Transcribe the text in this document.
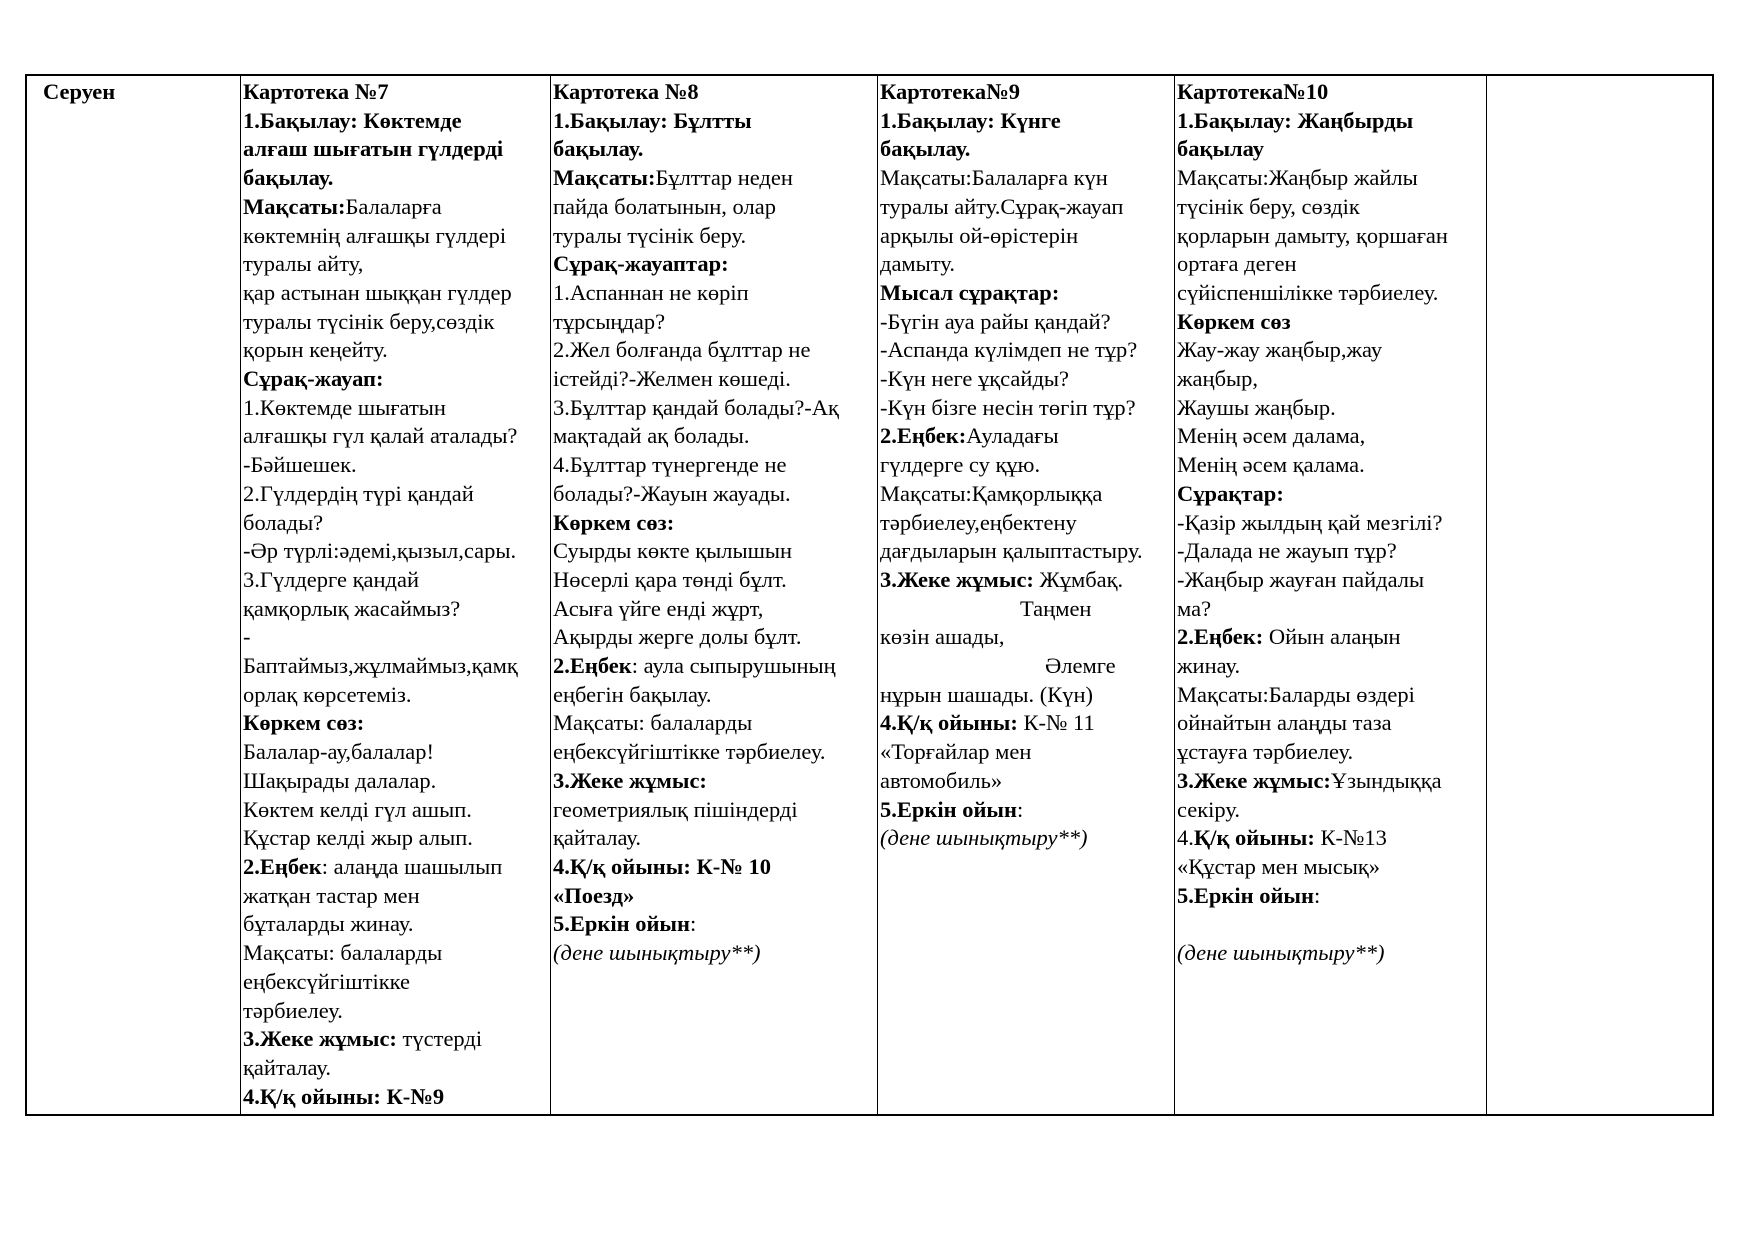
Серуен	Картотека №7
1.Бақылау: Көктемде
алғаш шығатын гүлдерді
бақылау.
Мақсаты:Балаларға
көктемнің алғашқы гүлдері
туралы айту,
қар астынан шыққан гүлдер
туралы түсінік беру,сөздік
қорын кеңейту.
Сұрақ-жауап:
1.Көктемде шығатын
алғашқы гүл қалай аталады?
-Бәйшешек.
2.Гүлдердің түрі қандай
болады?
-Әр түрлі:әдемі,қызыл,сары.
3.Гүлдерге қандай
қамқорлық жасаймыз?
-
Баптаймыз,жұлмаймыз,қамқ
орлақ көрсетеміз.
Көркем сөз:
Балалар-ау,балалар!
Шақырады далалар.
Көктем келді гүл ашып.
Құстар келді жыр алып.
2.Еңбек: алаңда шашылып
жатқан тастар мен
бұталарды жинау.
Мақсаты: балаларды
еңбексүйгіштікке
тәрбиелеу.
3.Жеке жұмыс: түстерді
қайталау.
4.Қ/қ ойыны: К-№9
Картотека №8
1.Бақылау: Бұлтты
бақылау.
Мақсаты:Бұлттар неден
пайда болатынын, олар
туралы түсінік беру.
Сұрақ-жауаптар:
1.Аспаннан не көріп
тұрсыңдар?
2.Жел болғанда бұлттар не
істейді?-Желмен көшеді.
3.Бұлттар қандай болады?-Ақ
мақтадай ақ болады.
4.Бұлттар түнергенде не
болады?-Жауын жауады.
Көркем сөз:
Суырды көкте қылышын
Нөсерлі қара төнді бұлт.
Асыға үйге енді жұрт,
Ақырды жерге долы бұлт.
2.Еңбек: аула сыпырушының
еңбегін бақылау.
Мақсаты: балаларды
еңбексүйгіштікке тәрбиелеу.
3.Жеке жұмыс:
геометриялық пішіндерді
қайталау.
4.Қ/қ ойыны: К-№ 10
«Поезд»
5.Еркін ойын:
(дене шынықтыру**)
Картотека№9
1.Бақылау: Күнге
бақылау.
Мақсаты:Балаларға күн
туралы айту.Сұрақ-жауап
арқылы ой-өрістерін
дамыту.
Мысал сұрақтар:
-Бүгін ауа райы қандай?
-Аспанда күлімдеп не тұр?
-Күн неге ұқсайды?
-Күн бізге несін төгіп тұр?
2.Еңбек:Ауладағы
гүлдерге су құю.
Мақсаты:Қамқорлыққа
тәрбиелеу,еңбектену
дағдыларын қалыптастыру.
3.Жеке жұмыс: Жұмбақ.
Таңмен
көзін ашады,
Әлемге
нұрын шашады. (Күн)
4.Қ/қ ойыны: К-№ 11
«Торғайлар мен
автомобиль»
5.Еркін ойын:
(дене шынықтыру**)
Картотека№10
1.Бақылау: Жаңбырды
бақылау
Мақсаты:Жаңбыр жайлы
түсінік беру, сөздік
қорларын дамыту, қоршаған
ортаға деген
сүйіспеншілікке тәрбиелеу.
Көркем сөз
Жау-жау жаңбыр,жау
жаңбыр,
Жаушы жаңбыр.
Менің әсем далама,
Менің әсем қалама.
Сұрақтар:
-Қазір жылдың қай мезгілі?
-Далада не жауып тұр?
-Жаңбыр жауған пайдалы
ма?
2.Еңбек: Ойын алаңын
жинау.
Мақсаты:Баларды өздері
ойнайтын алаңды таза
ұстауға тәрбиелеу.
3.Жеке жұмыс:Ұзындыққа
секіру.
4.Қ/қ ойыны: К-№13
«Құстар мен мысық»
5.Еркін ойын:
(дене шынықтыру**)
